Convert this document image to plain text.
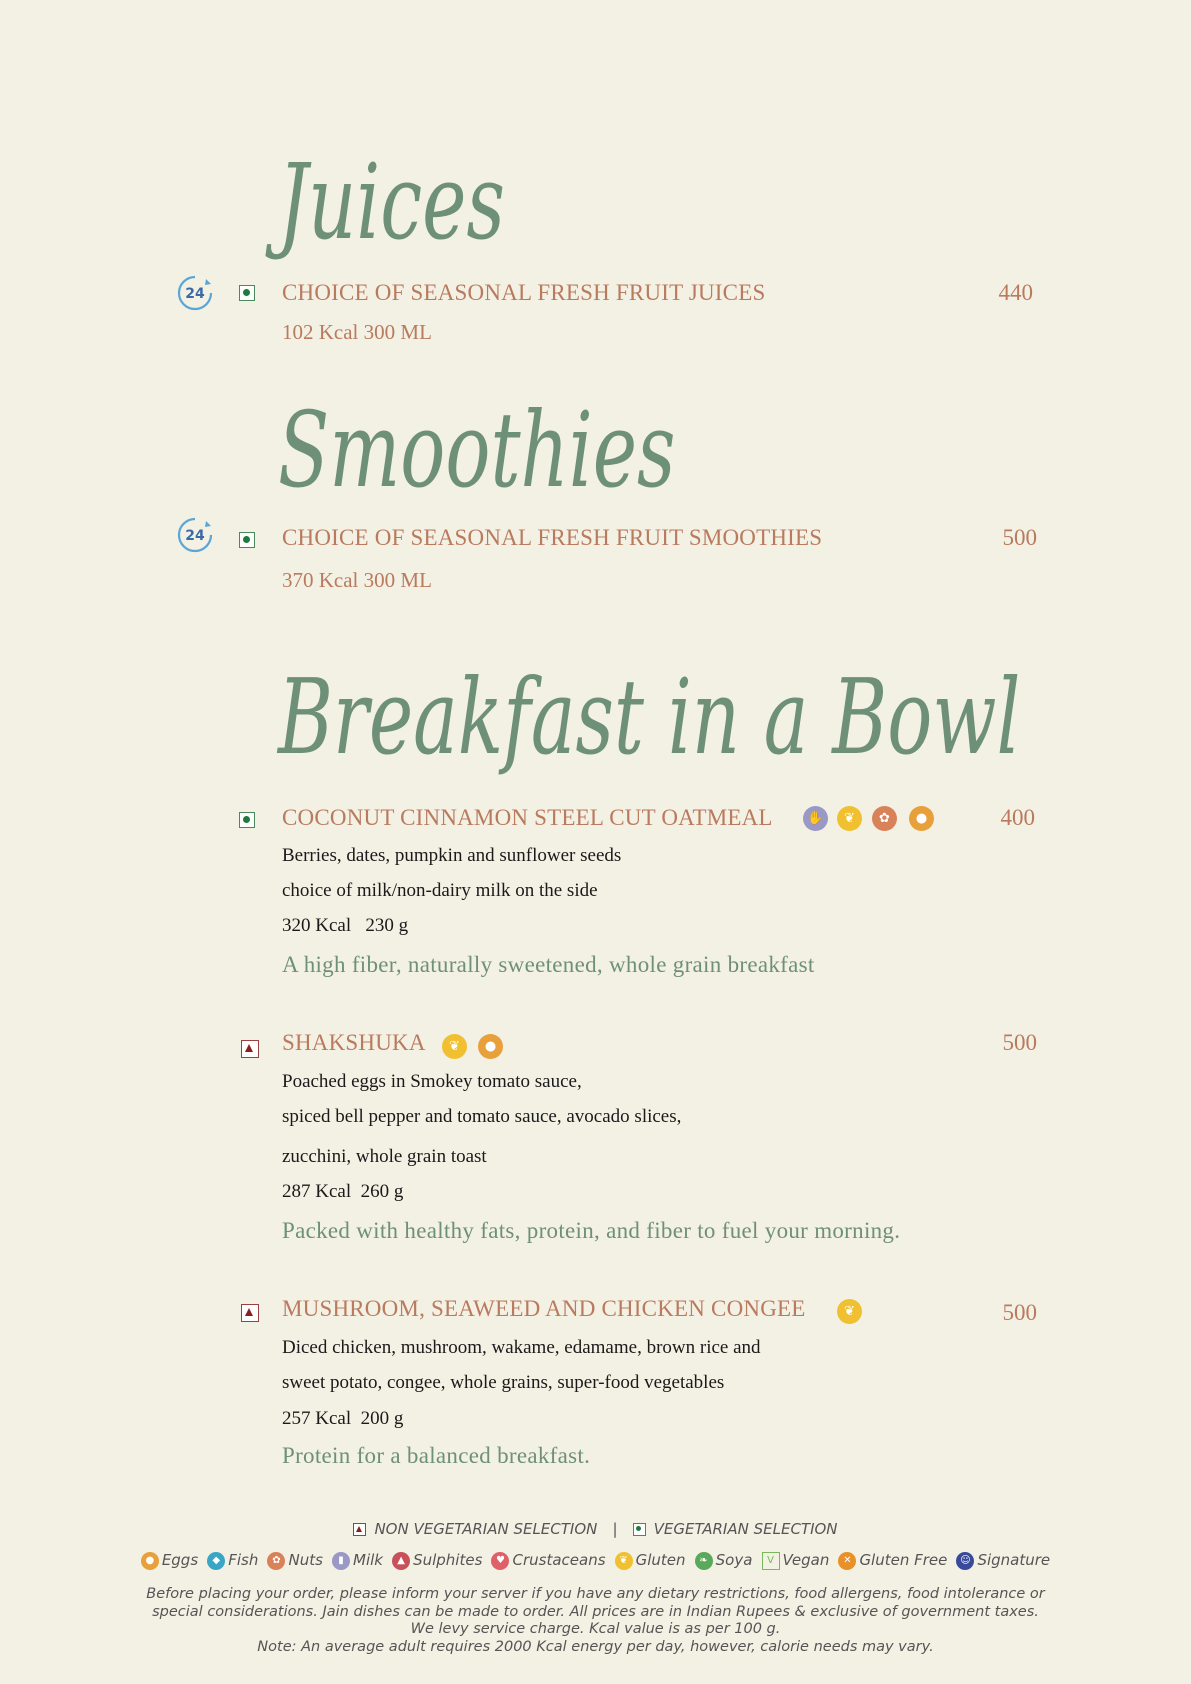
Juices
24	CHOICE OF SEASONAL FRESH FRUIT JUICES
102 Kcal 300 ML
440
Smoothies
24	CHOICE OF SEASONAL FRESH FRUIT SMOOTHIES
370 Kcal 300 ML
500
Breakfast in a Bowl
COCONUT CINNAMON STEEL CUT OATMEAL	✋	❦	✿	●	400
Berries, dates, pumpkin and sunflower seeds
choice of milk/non-dairy milk on the side
320 Kcal   230 g
A high fiber, naturally sweetened, whole grain breakfast
SHAKSHUKA	❦	●	500
Poached eggs in Smokey tomato sauce,
spiced bell pepper and tomato sauce, avocado slices,
zucchini, whole grain toast
287 Kcal  260 g
Packed with healthy fats, protein, and fiber to fuel your morning.
MUSHROOM, SEAWEED AND CHICKEN CONGEE	❦	500
Diced chicken, mushroom, wakame, edamame, brown rice and
sweet potato, congee, whole grains, super-food vegetables
257 Kcal  200 g
Protein for a balanced breakfast.
NON VEGETARIAN SELECTION | VEGETARIAN SELECTION
● Eggs ◆ Fish ✿ Nuts ▮ Milk ▲ Sulphites ♥ Crustaceans ❦ Gluten ❧ Soya V Vegan ✕ Gluten Free ☺ Signature
Before placing your order, please inform your server if you have any dietary restrictions, food allergens, food intolerance or
special considerations. Jain dishes can be made to order. All prices are in Indian Rupees & exclusive of government taxes.
We levy service charge. Kcal value is as per 100 g.
Note: An average adult requires 2000 Kcal energy per day, however, calorie needs may vary.
